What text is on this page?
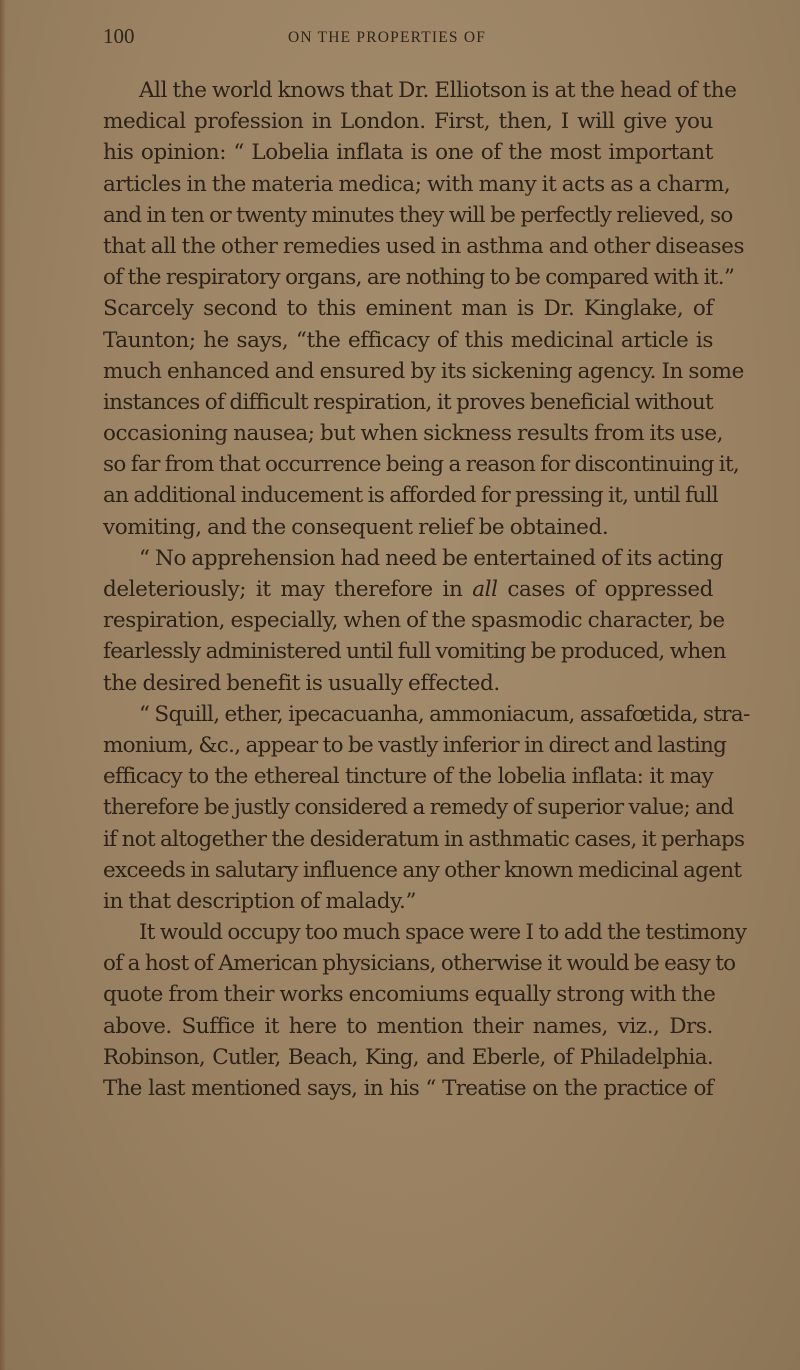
100	ON THE PROPERTIES OF
All the world knows that Dr. Elliotson is at the head of the
medical profession in London. First, then, I will give you
his opinion: “ Lobelia inflata is one of the most important
articles in the materia medica; with many it acts as a charm,
and in ten or twenty minutes they will be perfectly relieved, so
that all the other remedies used in asthma and other diseases
of the respiratory organs, are nothing to be compared with it.”
Scarcely second to this eminent man is Dr. Kinglake, of
Taunton; he says, “the efficacy of this medicinal article is
much enhanced and ensured by its sickening agency. In some
instances of difficult respiration, it proves beneficial without
occasioning nausea; but when sickness results from its use,
so far from that occurrence being a reason for discontinuing it,
an additional inducement is afforded for pressing it, until full
vomiting, and the consequent relief be obtained.
“ No apprehension had need be entertained of its acting
deleteriously; it may therefore in all cases of oppressed
respiration, especially, when of the spasmodic character, be
fearlessly administered until full vomiting be produced, when
the desired benefit is usually effected.
“ Squill, ether, ipecacuanha, ammoniacum, assafœtida, stra-
monium, &c., appear to be vastly inferior in direct and lasting
efficacy to the ethereal tincture of the lobelia inflata: it may
therefore be justly considered a remedy of superior value; and
if not altogether the desideratum in asthmatic cases, it perhaps
exceeds in salutary influence any other known medicinal agent
in that description of malady.”
It would occupy too much space were I to add the testimony
of a host of American physicians, otherwise it would be easy to
quote from their works encomiums equally strong with the
above. Suffice it here to mention their names, viz., Drs.
Robinson, Cutler, Beach, King, and Eberle, of Philadelphia.
The last mentioned says, in his “ Treatise on the practice of
